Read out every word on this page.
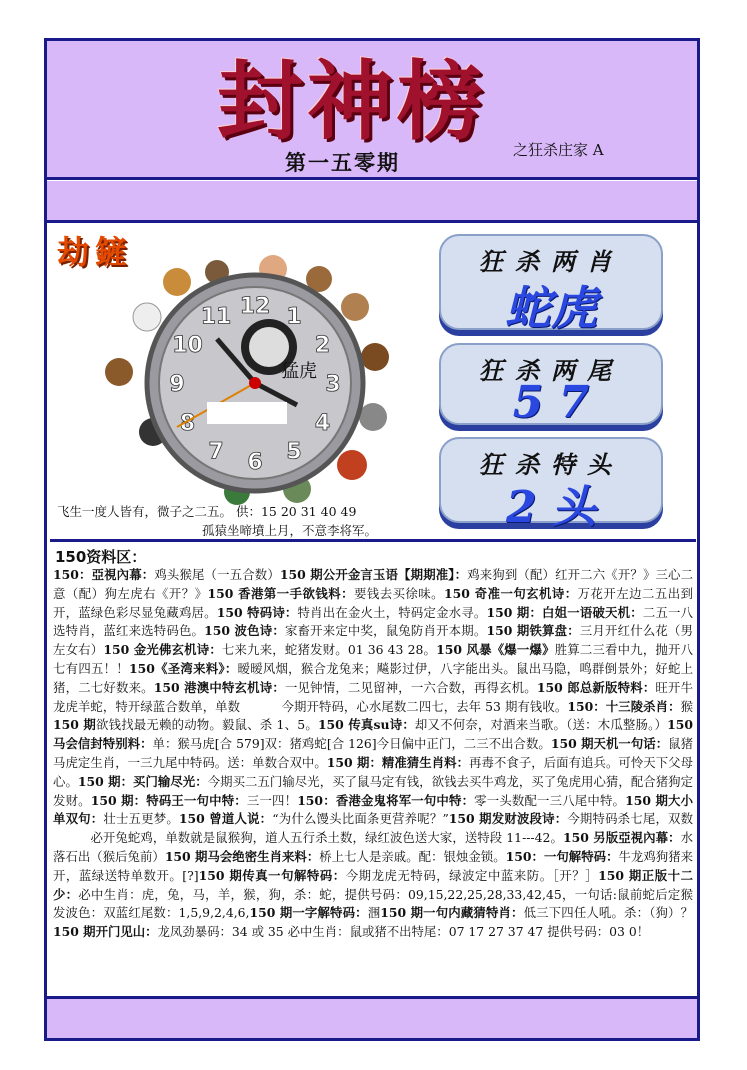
封神榜
第一五零期	之狂杀庄家 A
劫鏟
12 1
2
3
4
5
6
7
8
9
10
11
猛虎
飞生一度人皆有，微子之二五。 供：15 20 31 40 49
孤猿坐啼墳上月，不意李将军。
狂杀两肖
蛇虎
狂杀两尾
5 7
狂杀特头
2 头
150资料区：
150：亞視內幕：鸡头猴尾（一五合数）150 期公开金言玉语【期期准】：鸡来狗到（配）红开二六《开？》三心二意（配）狗左虎右《开？》150 香港第一手欲钱料：要钱去买徐味。150 奇准一句玄机诗：万花开左边二五出到开，蓝绿色彩尽显兔藏鸡居。150 特码诗：特肖出在金火土，特码定金水寻。150 期：白姐一语破天机：二五一八选特肖，蓝红来选特码色。150 波色诗：家畜开来定中奖，鼠兔防肖开本期。150 期铁算盘：三月开红什么花（男左女右）150 金光佛玄机诗：七来九来，蛇猪发财。01 36 43 28。150 风暴《爆一爆》胜算二三看中九，抛开八七有四五！！150《圣湾来料》：暧暧风烟，猴合龙兔来；飚影过伊，八字能出头。鼠出马隐，鸣群倒景外；好蛇上猪，二七好数来。150 港澳中特玄机诗：一见钟情，二见留神，一六合数，再得玄机。150 郎总新版特料：旺开牛龙虎羊蛇，特开绿蓝合数单，单数 　　　今期开特码，心水尾数二四七，去年 53 期有钱收。150：十三陵杀肖：猴 150 期欲钱找最无赖的动物。毅鼠、杀 1、5。150 传真su诗：却又不何奈，对酒来当歌。（送：木瓜整肠。）150 马会信封特别料：单：猴马虎[合 579]双：猪鸡蛇[合 126]今日偏中正门，二三不出合数。150 期天机一句话：鼠猪马虎定生肖，一三九尾中特码。送：单数合双中。150 期：精准猜生肖料：再毒不食子，后面有追兵。可怜天下父母心。150 期：买门输尽光：今期买二五门输尽光，买了鼠马定有钱，欲钱去买牛鸡龙，买了兔虎用心猜，配合猪狗定发财。150 期：特码王一句中特：三一四！150：香港金鬼将军一句中特：零一头数配一三八尾中特。150 期大小单双句：壮士五更梦。150 曾道人说：“为什么馒头比面条更营养呢？”150 期发财波段诗：今期特码杀七尾，双数 　　　必开兔蛇鸡，单数就是鼠猴狗，道人五行杀土数，绿红波色送大家，送特段 11---42。150 另版亞視內幕：水落石出（猴后兔前）150 期马会绝密生肖来料：桥上七人是亲戚。配：银烛金锁。150：一句解特码：牛龙鸡狗猪来开，蓝绿送特单数开。[?]150 期传真一句解特码：今期龙虎无特码，绿波定中蓝来防。［开？］150 期正版十二少：必中生肖：虎，兔，马，羊，猴，狗，杀：蛇，提供号码：09,15,22,25,28,33,42,45，一句话:鼠前蛇后定猴发波色：双蓝红尾数：1,5,9,2,4,6,150 期一字解特码：涠150 期一句内藏猜特肖：低三下四任人吼。杀：（狗）？150 期开门见山：龙凤劲暴码：34 或 35 必中生肖：鼠或猪不出特尾：07 17 27 37 47 提供号码：03 0！
